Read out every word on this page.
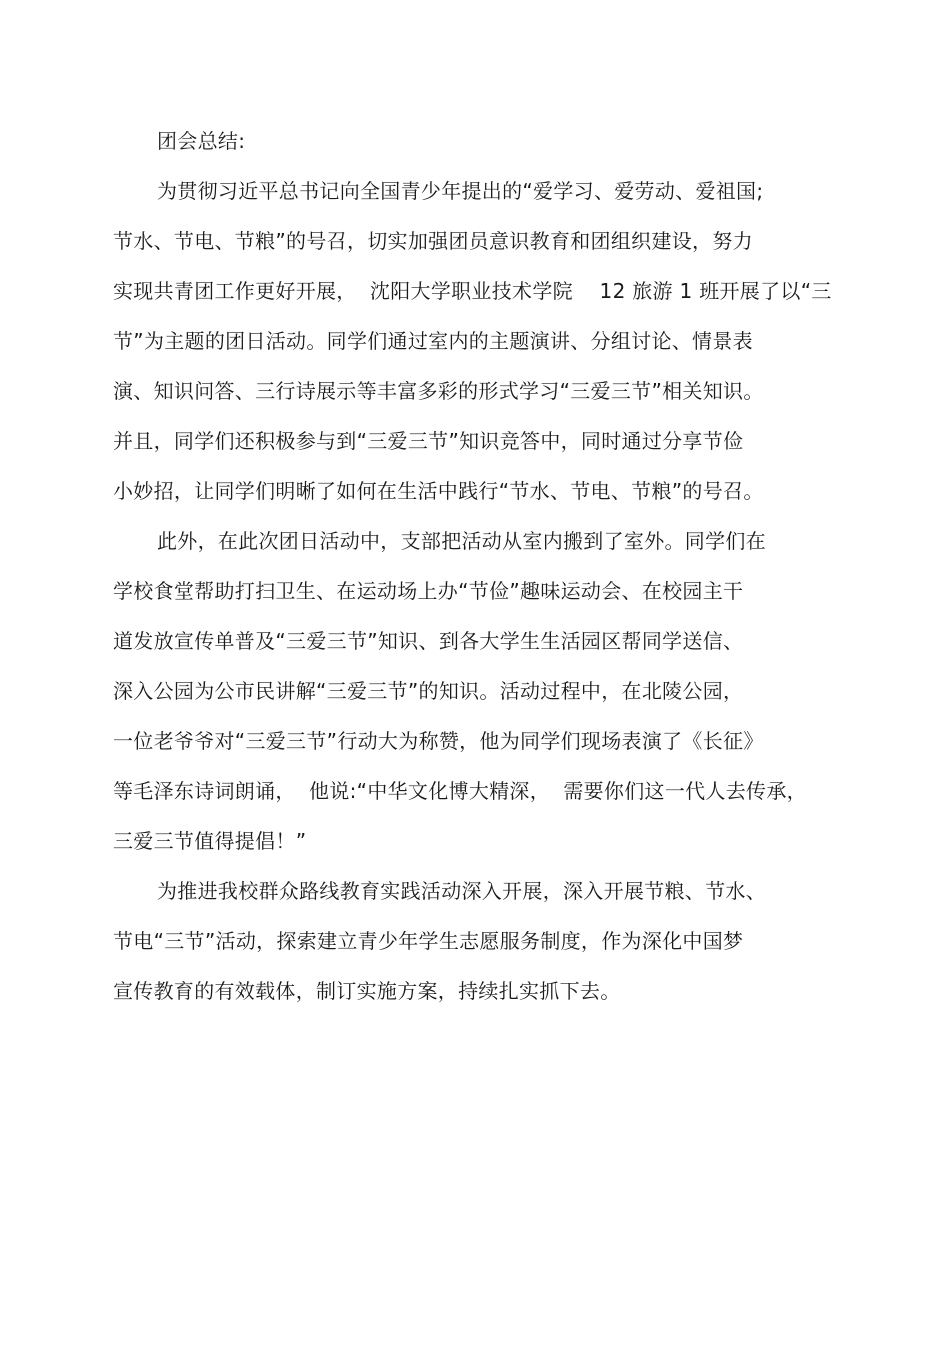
团会总结:
为贯彻习近平总书记向全国青少年提出的“爱学习、爱劳动、爱祖国;
节水、节电、节粮”的号召，切实加强团员意识教育和团组织建设，努力
实现共青团工作更好开展，  沈阳大学职业技术学院    12 旅游 1 班开展了以“三
节”为主题的团日活动。同学们通过室内的主题演讲、分组讨论、情景表
演、知识问答、三行诗展示等丰富多彩的形式学习“三爱三节”相关知识。
并且，同学们还积极参与到“三爱三节”知识竞答中，同时通过分享节俭
小妙招，让同学们明晰了如何在生活中践行“节水、节电、节粮”的号召。
此外，在此次团日活动中，支部把活动从室内搬到了室外。同学们在
学校食堂帮助打扫卫生、在运动场上办“节俭”趣味运动会、在校园主干
道发放宣传单普及“三爱三节”知识、到各大学生生活园区帮同学送信、
深入公园为公市民讲解“三爱三节”的知识。活动过程中，在北陵公园，
一位老爷爷对“三爱三节”行动大为称赞，他为同学们现场表演了《长征》
等毛泽东诗词朗诵，  他说:“中华文化博大精深，  需要你们这一代人去传承，
三爱三节值得提倡！”
为推进我校群众路线教育实践活动深入开展，深入开展节粮、节水、
节电“三节”活动，探索建立青少年学生志愿服务制度，作为深化中国梦
宣传教育的有效载体，制订实施方案，持续扎实抓下去。
